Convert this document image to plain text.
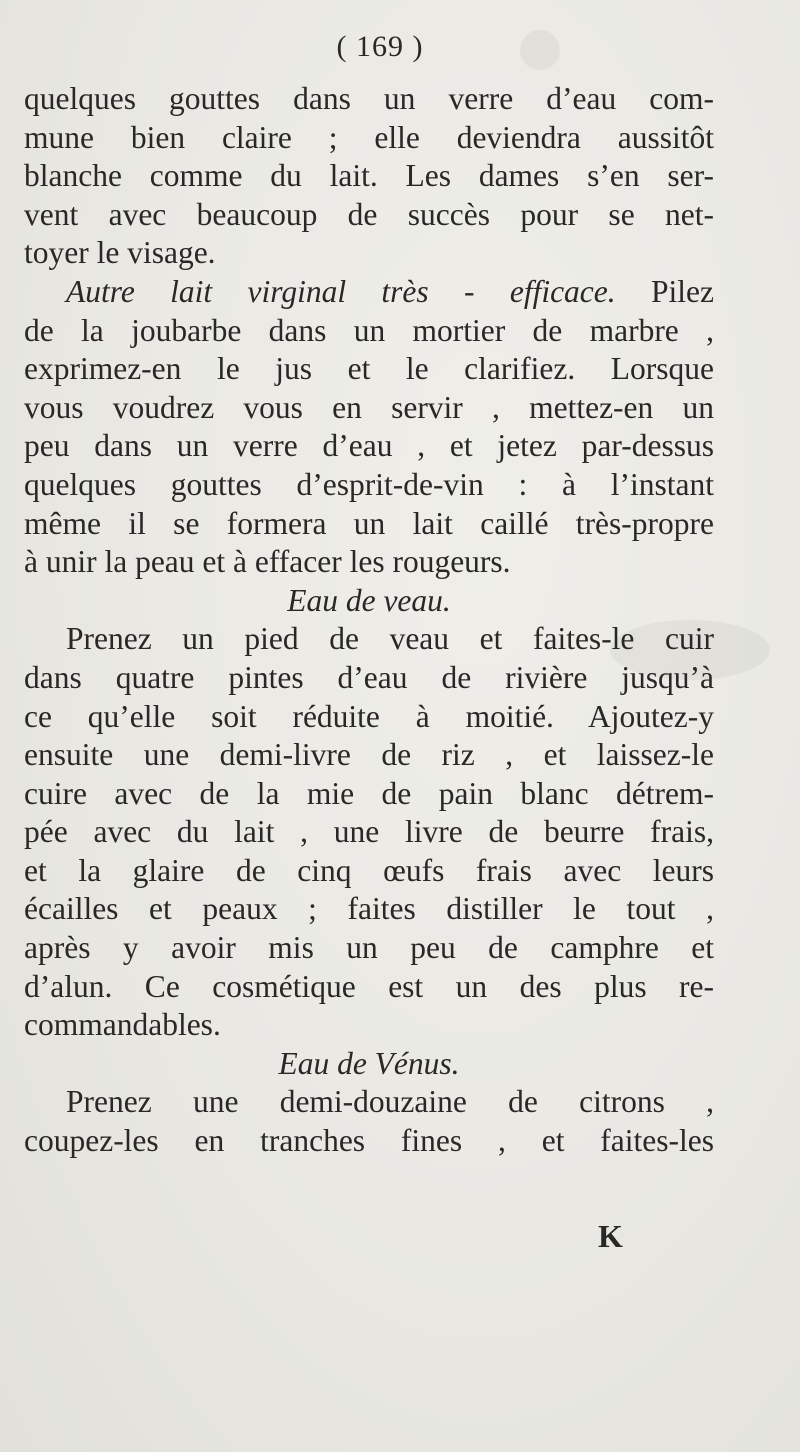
( 169 )
quelques gouttes dans un verre d’eau com-
mune bien claire ; elle deviendra aussitôt
blanche comme du lait. Les dames s’en ser-
vent avec beaucoup de succès pour se net-
toyer le visage.
Autre lait virginal très - efficace. Pilez
de la joubarbe dans un mortier de marbre ,
exprimez-en le jus et le clarifiez. Lorsque
vous voudrez vous en servir , mettez-en un
peu dans un verre d’eau , et jetez par-dessus
quelques gouttes d’esprit-de-vin : à l’instant
même il se formera un lait caillé très-propre
à unir la peau et à effacer les rougeurs.
Eau de veau.
Prenez un pied de veau et faites-le cuir
dans quatre pintes d’eau de rivière jusqu’à
ce qu’elle soit réduite à moitié. Ajoutez-y
ensuite une demi-livre de riz , et laissez-le
cuire avec de la mie de pain blanc détrem-
pée avec du lait , une livre de beurre frais,
et la glaire de cinq œufs frais avec leurs
écailles et peaux ; faites distiller le tout ,
après y avoir mis un peu de camphre et
d’alun. Ce cosmétique est un des plus re-
commandables.
Eau de Vénus.
Prenez une demi-douzaine de citrons ,
coupez-les en tranches fines , et faites-les
K
